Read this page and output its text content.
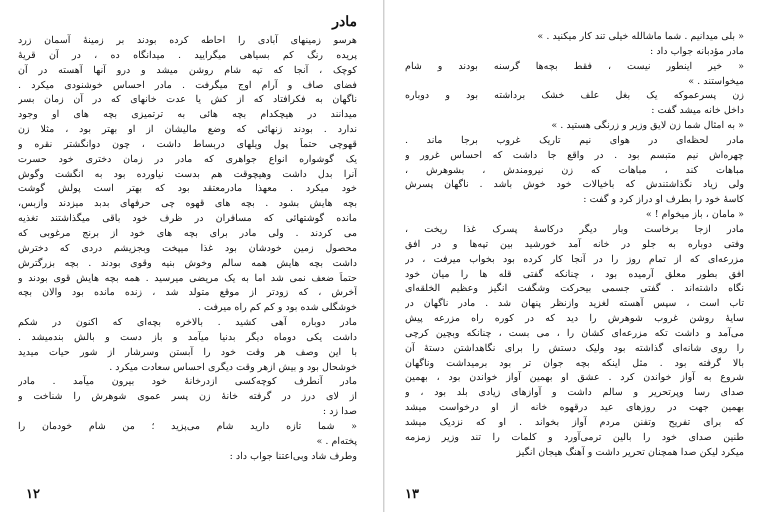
مادر
هرسو زمینهای آبادی را احاطه کرده بودند بر زمینهٔ آسمان زرد
پریده رنگ کم بسیاهی میگرایید . میدانگاه ده ، در آن قریهٔ
کوچک ، آنجا که تپه شام روشن میشد و درو آنها آهسته در آن
فضای صاف و آرام اوج میگرفت . مادر احساس خوشنودی میکرد .
ناگهان به فکرافتاد که از کش یا عدت خانهای که در آن زمان بسر
میدانند در هیچکدام بچه هائی به ترتمیزی بچه های او وجود
ندارد . بودند زنهائی که وضع مالیشان از او بهتر بود ، مثلا زن
قهوچی حتماً پول ویلهای دربساط داشت ، چون دوانگشتر نقره و
یک گوشواره انواع جواهری که مادر در زمان دختری خود حسرت
آنرا بدل داشت وهیچوقت هم بدست نیاورده بود به انگشت وگوش
خود میکرد . معهذا مادرمعتقد بود که بهتر است پولش گوشت
بچه هایش بشود . بچه های قهوه چی حرفهای بدبد میزدند وازبس،
مانده گوشتهائی که مسافران در ظرف خود باقی میگذاشتند تغذیه
می کردند . ولی مادر برای بچه های خود از برنج مرغوبی که
محصول زمین خودشان بود غذا میپخت وبجزیشم دردی که دخترش
داشت بچه هایش همه سالم وخوش بنیه وقوی بودند . بچه بزرگترش
حتماً ضعف نمی شد اما به یک مریضی میرسید . همه بچه هایش قوی بودند و
آخرش ، که زودتر از موقع متولد شد ، زنده مانده بود والان بچه
خوشگلی شده بود و کم کم راه میرفت .
مادر دوباره آهی کشید . بالاخره بچه‌ای که اکنون در شکم
داشت یکی دوماه دیگر بدنیا میآمد و باز دست و بالش بندمیشد .
با این وصف هر وقت خود را آبستن وسرشار از شور حیات میدید
خوشحال بود و بیش ازهر وقت دیگری احساس سعادت میکرد .
مادر آنطرف کوچه‌کسی ازدرخانهٔ خود بیرون میآمد . مادر
از لای درز در گرفته خانهٔ زن پسر عموی شوهرش را شناخت و
صدا زد :
« شما تازه دارید شام می‌پزید ؛ من شام خودمان را
پخته‌ام . »
وطرف شاد وبی‌اعتنا جواب داد :
۱۲
« بلی میدانیم . شما ماشالله خیلی تند کار میکنید . »
مادر مؤدبانه جواب داد :
« خیر اینطور نیست ، فقط بچه‌ها گرسنه بودند و شام
میخواستند . »
زن پسرعموکه یک بغل علف خشک برداشته بود و دوباره
داخل خانه میشد گفت :
« به امثال شما زن لایق وزیر و زرنگی هستید . »
مادر لحظه‌ای در هوای نیم تاریک غروب برجا ماند .
چهره‌اش نیم متبسم بود . در واقع جا داشت که احساس غرور و
مباهات کند ، مباهات که زن نیرومندش ، بشوهرش ،
ولی زیاد نگذاشتندش که باخیالات خود خوش باشد . ناگهان پسرش
کاسهٔ خود را بطرف او دراز کرد و گفت :
« مامان ، باز میخوام ! »
مادر ازجا برخاست وبار دیگر درکاسهٔ پسرک غذا ریخت ،
وفتی دوباره به جلو در خانه آمد خورشید بین تپه‌ها و در افق
مزرعه‌ای که از تمام روز را در آنجا کار کرده بود بخواب میرفت ، در
افق بطور معلق آرمیده بود ، چنانکه گفتی قله ها را میان خود
نگاه داشته‌اند . گفتی جسمی بیحرکت وشگفت انگیز وعظیم الخلقه‌ای
تاب است ، سپس آهسته لغزید وازنظر پنهان شد . مادر ناگهان در
سایهٔ روشن غروب شوهرش را دید که در کوره راه مزرعه پیش
می‌آمد و داشت تکه مزرعه‌ای کشان را ، می بست ، چنانکه وبچین کرچی
را روی شانه‌ای گذاشته بود ولیک دستش را برای نگاهداشتن دستهٔ آن
بالا گرفته بود . مثل اینکه بچه جوان تر بود برمیداشت وناگهان
شروع به آواز خواندن کرد . عشق او بهمین آواز خواندن بود ، بهمین
صدای رسا وپرتحریر و سالم داشت و آوازهای زیادی بلد بود ، و
بهمین جهت در روزهای عید درقهوه خانه از او درخواست میشد
که برای تفریح وتفنن مردم آواز بخواند . او که نزدیک میشد
طنین صدای خود را بالین ترمی‌آورد و کلمات را تند وزیر زمزمه
میکرد لیکن صدا همچنان تحریر داشت و آهنگ هیجان انگیز
۱۳
